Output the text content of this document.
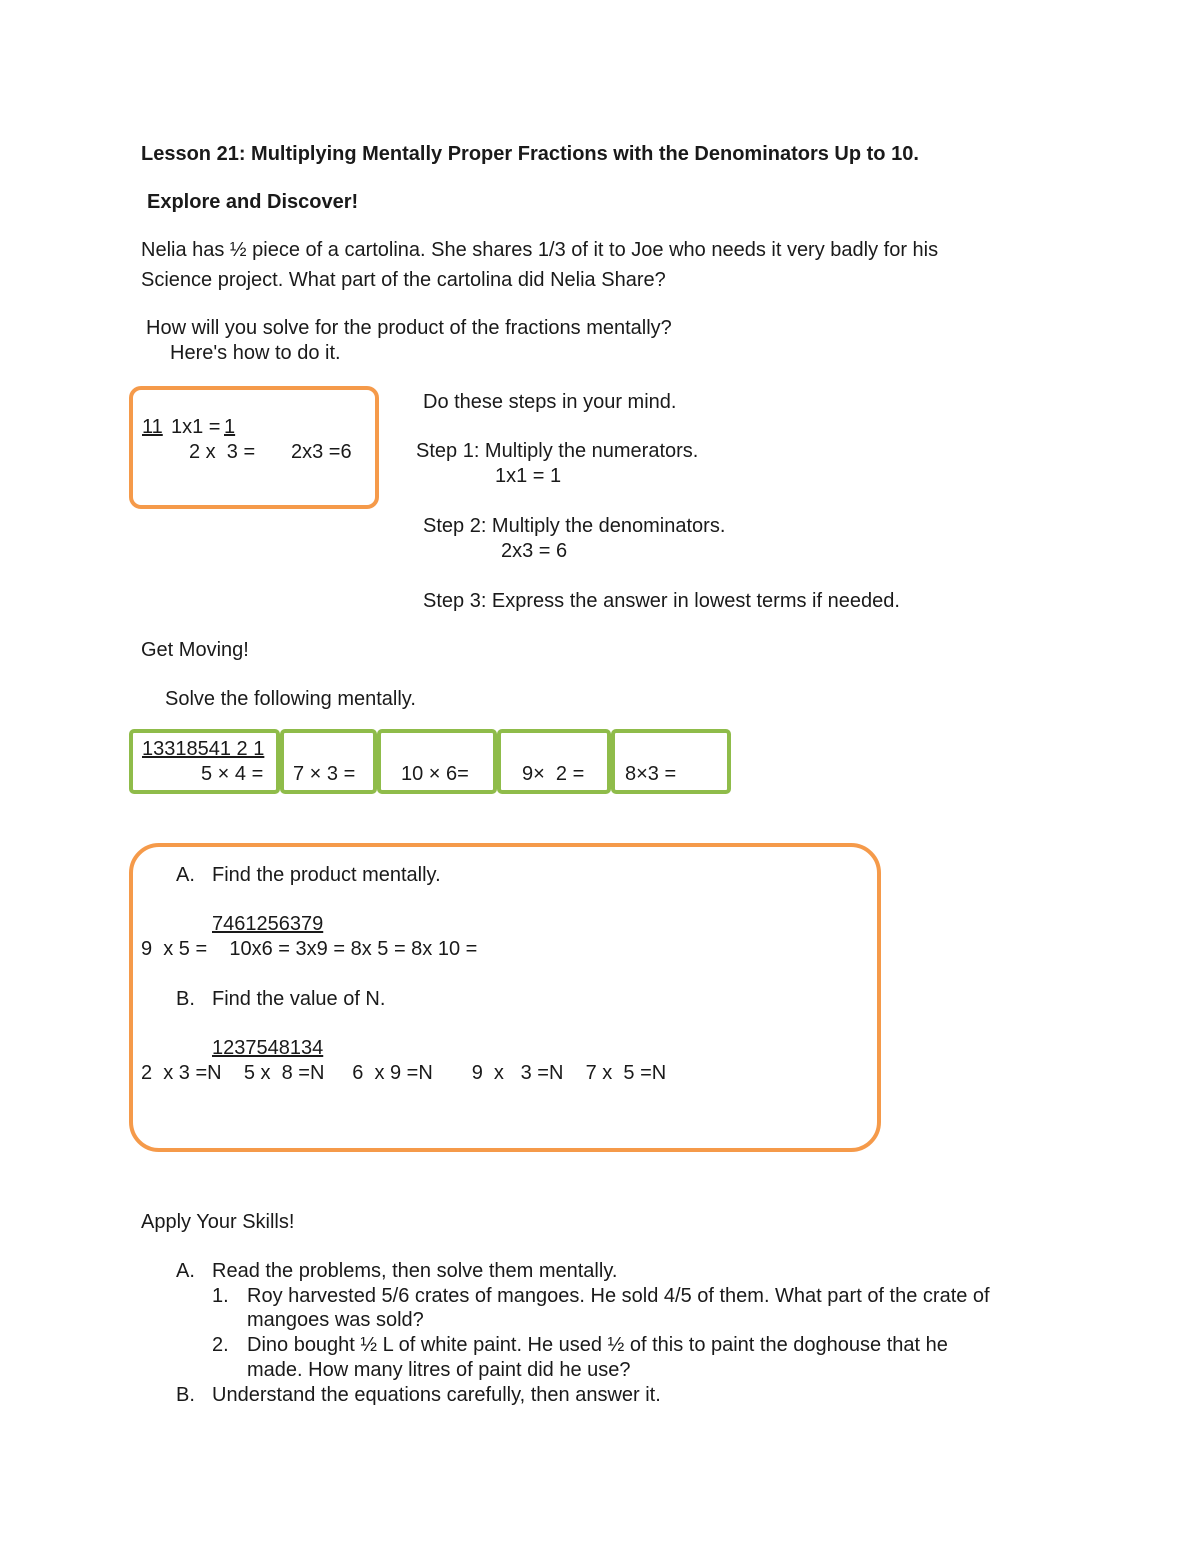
Lesson 21: Multiplying Mentally Proper Fractions with the Denominators Up to 10.
Explore and Discover!
Nelia has ½ piece of a cartolina. She shares 1/3 of it to Joe who needs it very badly for his
Science project. What part of the cartolina did Nelia Share?
How will you solve for the product of the fractions mentally?
Here's how to do it.
11 1x1 = 1
2 x  3 = 2x3 =6
Do these steps in your mind.
Step 1: Multiply the numerators.
1x1 = 1
Step 2: Multiply the denominators.
2x3 = 6
Step 3: Express the answer in lowest terms if needed.
Get Moving!
Solve the following mentally.
13318541 2 1
5 × 4 = 7 × 3 = 10 × 6=	9×  2 = 8×3 =
A. Find the product mentally.
7461256379
9  x 5 =    10x6 = 3x9 = 8x 5 = 8x 10 =
B. Find the value of N.
1237548134
2  x 3 =N    5 x  8 =N     6  x 9 =N       9  x   3 =N    7 x  5 =N
Apply Your Skills!
A. Read the problems, then solve them mentally.
1. Roy harvested 5/6 crates of mangoes. He sold 4/5 of them. What part of the crate of
mangoes was sold?
2. Dino bought ½ L of white paint. He used ½ of this to paint the doghouse that he
made. How many litres of paint did he use?
B. Understand the equations carefully, then answer it.
